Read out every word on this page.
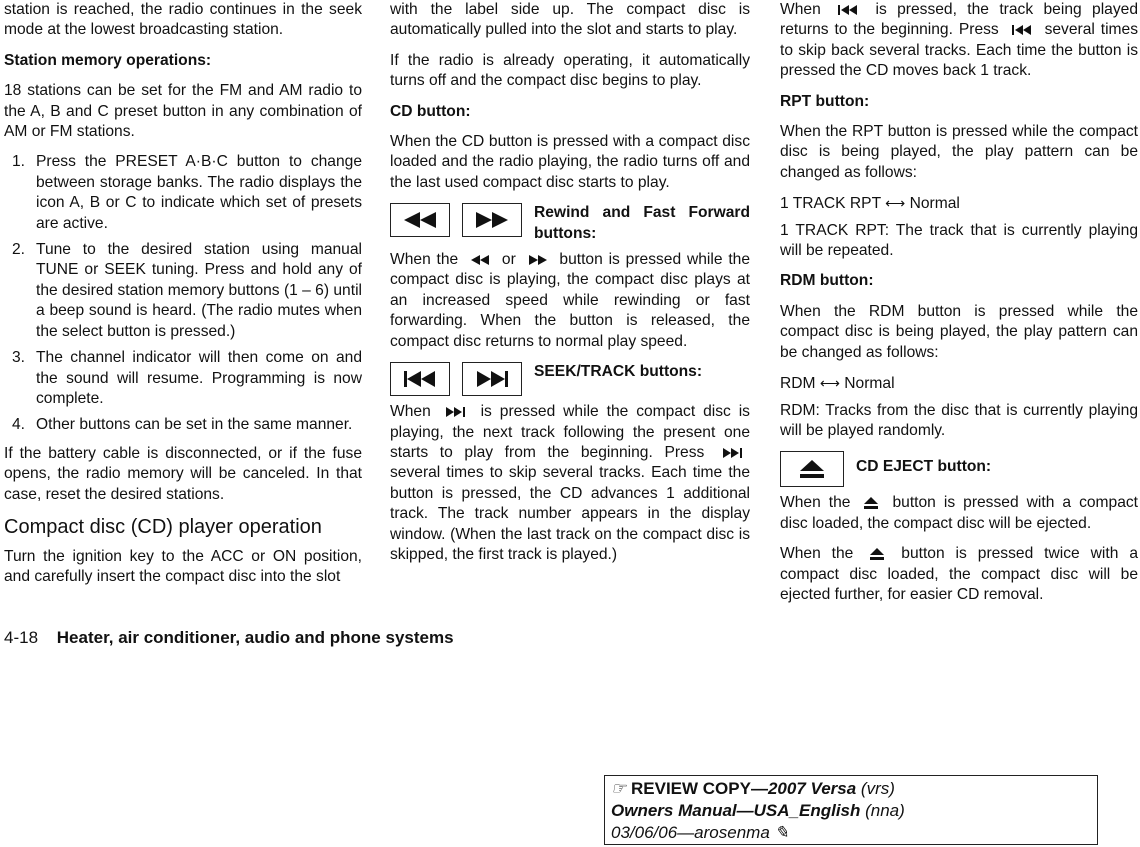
station is reached, the radio continues in the seek mode at the lowest broadcasting station.

Station memory operations:

18 stations can be set for the FM and AM radio to the A, B and C preset button in any combination of AM or FM stations.

1. Press the PRESET A·B·C button to change between storage banks. The radio displays the icon A, B or C to indicate which set of presets are active.
2. Tune to the desired station using manual TUNE or SEEK tuning. Press and hold any of the desired station memory buttons (1 – 6) until a beep sound is heard. (The radio mutes when the select button is pressed.)
3. The channel indicator will then come on and the sound will resume. Programming is now complete.
4. Other buttons can be set in the same manner.

If the battery cable is disconnected, or if the fuse opens, the radio memory will be canceled. In that case, reset the desired stations.

Compact disc (CD) player operation

Turn the ignition key to the ACC or ON position, and carefully insert the compact disc into the slot

with the label side up. The compact disc is automatically pulled into the slot and starts to play.

If the radio is already operating, it automatically turns off and the compact disc begins to play.

CD button:

When the CD button is pressed with a compact disc loaded and the radio playing, the radio turns off and the last used compact disc starts to play.

Rewind and Fast Forward buttons:

When the	or	button is pressed while the compact disc is playing, the compact disc plays at an increased speed while rewinding or fast forwarding. When the button is released, the compact disc returns to normal play speed.

SEEK/TRACK buttons:

When	is pressed while the compact disc is playing, the next track following the present one starts to play from the beginning. Press  several times to skip several tracks. Each time the button is pressed, the CD advances 1 additional track. The track number appears in the display window. (When the last track on the compact disc is skipped, the first track is played.)

When	is pressed, the track being played returns to the beginning. Press	several times to skip back several tracks. Each time the button is pressed the CD moves back 1 track.

RPT button:

When the RPT button is pressed while the compact disc is being played, the play pattern can be changed as follows:

1 TRACK RPT ⟷ Normal

1 TRACK RPT: The track that is currently playing will be repeated.

RDM button:

When the RDM button is pressed while the compact disc is being played, the play pattern can be changed as follows:

RDM ⟷ Normal

RDM: Tracks from the disc that is currently playing will be played randomly.

CD EJECT button:

When the	button is pressed with a compact disc loaded, the compact disc will be ejected.

When the	button is pressed twice with a compact disc loaded, the compact disc will be ejected further, for easier CD removal.

4-18 Heater, air conditioner, audio and phone systems
☞ REVIEW COPY—2007 Versa (vrs)
Owners Manual—USA_English (nna)
03/06/06—arosenma ✎
